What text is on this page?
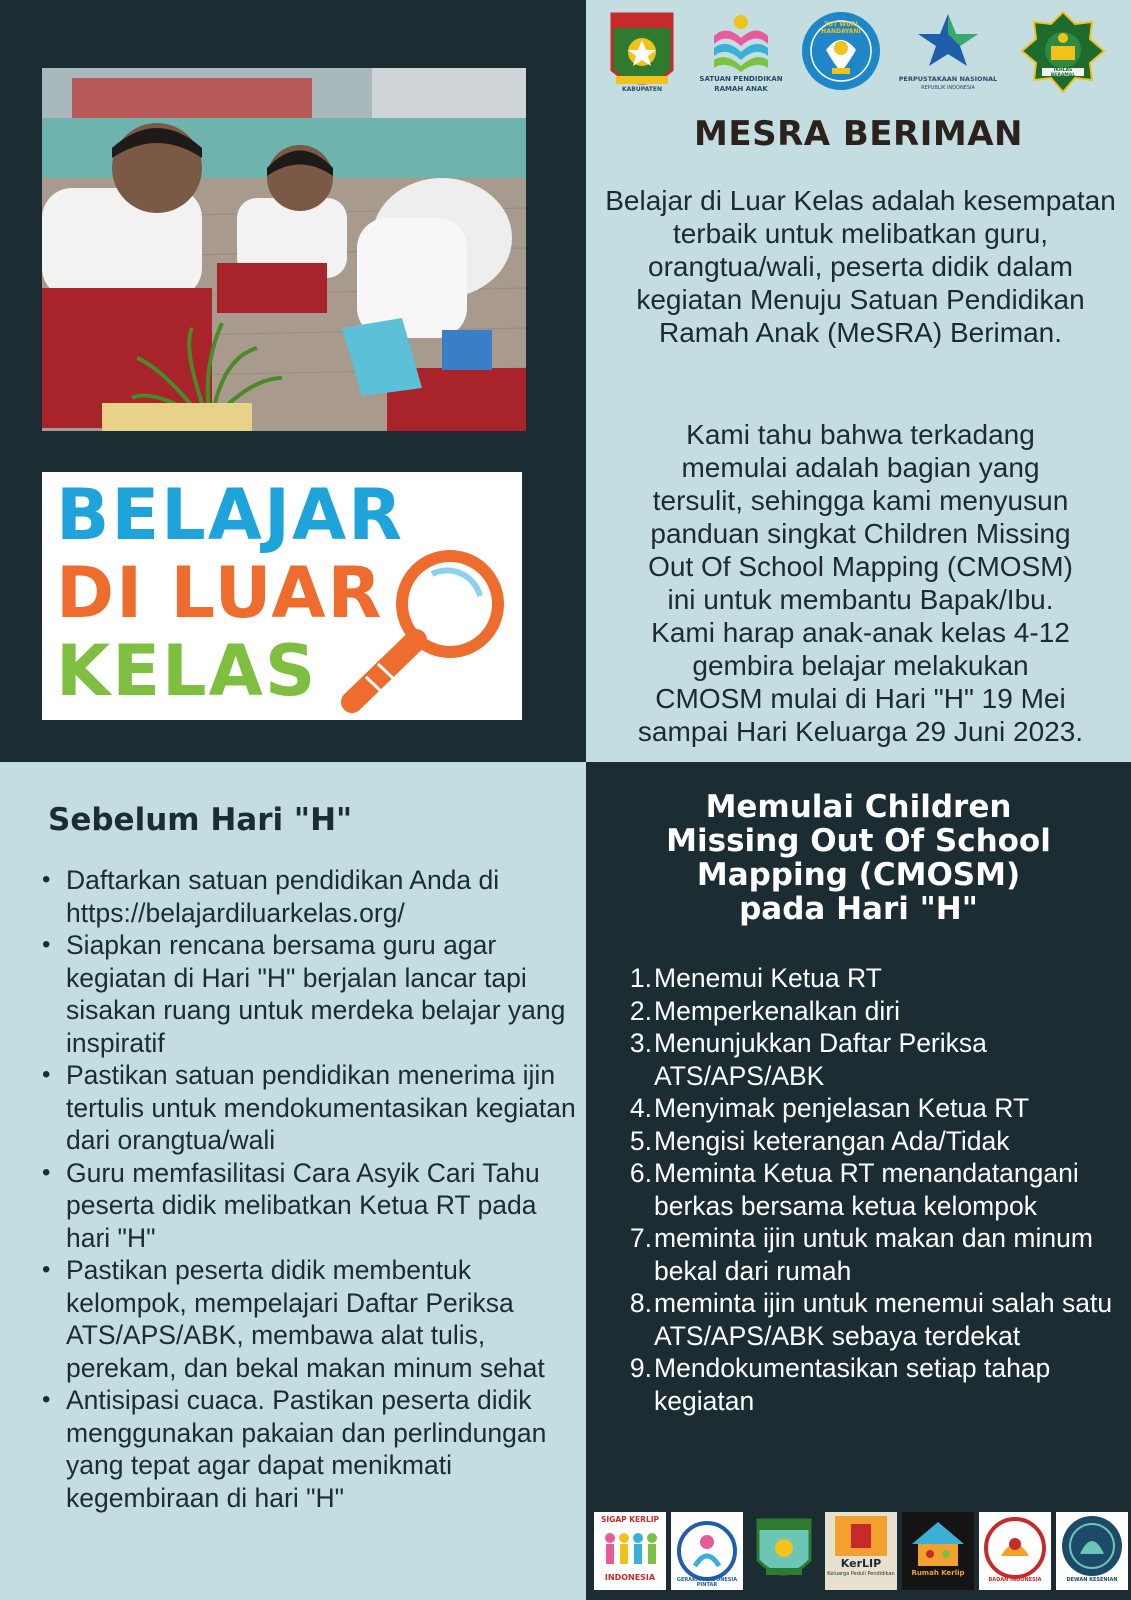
BELAJAR
DI LUAR
KELAS
KABUPATEN
SATUAN PENDIDIKAN
RAMAH ANAK
TUT WURI HANDAYANI
PERPUSTAKAAN NASIONAL
REPUBLIK INDONESIA
IKHLAS BERAMAL
MESRA BERIMAN
Belajar di Luar Kelas adalah kesempatan terbaik untuk melibatkan guru, orangtua/wali, peserta didik dalam kegiatan Menuju Satuan Pendidikan Ramah Anak (MeSRA) Beriman.
Kami tahu bahwa terkadang
memulai adalah bagian yang
tersulit, sehingga kami menyusun
panduan singkat Children Missing
Out Of School Mapping (CMOSM)
ini untuk membantu Bapak/Ibu.
Kami harap anak-anak kelas 4-12
gembira belajar melakukan
CMOSM mulai di Hari "H" 19 Mei
sampai Hari Keluarga 29 Juni 2023.
Sebelum Hari "H"
• Daftarkan satuan pendidikan Anda di https://belajardiluarkelas.org/
• Siapkan rencana bersama guru agar kegiatan di Hari "H" berjalan lancar tapi sisakan ruang untuk merdeka belajar yang inspiratif
• Pastikan satuan pendidikan menerima ijin tertulis untuk mendokumentasikan kegiatan dari orangtua/wali
• Guru memfasilitasi Cara Asyik Cari Tahu peserta didik melibatkan Ketua RT pada hari "H"
• Pastikan peserta didik membentuk kelompok, mempelajari Daftar Periksa ATS/APS/ABK, membawa alat tulis, perekam, dan bekal makan minum sehat
• Antisipasi cuaca. Pastikan peserta didik menggunakan pakaian dan perlindungan yang tepat agar dapat menikmati kegembiraan di hari "H"
Memulai Children
Missing Out Of School
Mapping (CMOSM)
pada Hari "H"
1. Menemui Ketua RT
2. Memperkenalkan diri
3. Menunjukkan Daftar Periksa ATS/APS/ABK
4. Menyimak penjelasan Ketua RT
5. Mengisi keterangan Ada/Tidak
6. Meminta Ketua RT menandatangani berkas bersama ketua kelompok
7. meminta ijin untuk makan dan minum bekal dari rumah
8. meminta ijin untuk menemui salah satu ATS/APS/ABK sebaya terdekat
9. Mendokumentasikan setiap tahap kegiatan
SIGAP KERLIP
INDONESIA	GERAKAN INDONESIA PINTAR
KerLIP
Keluarga Peduli Pendidikan	Rumah Kerlip
BADAN INDONESIA	DEWAN KESENIAN
